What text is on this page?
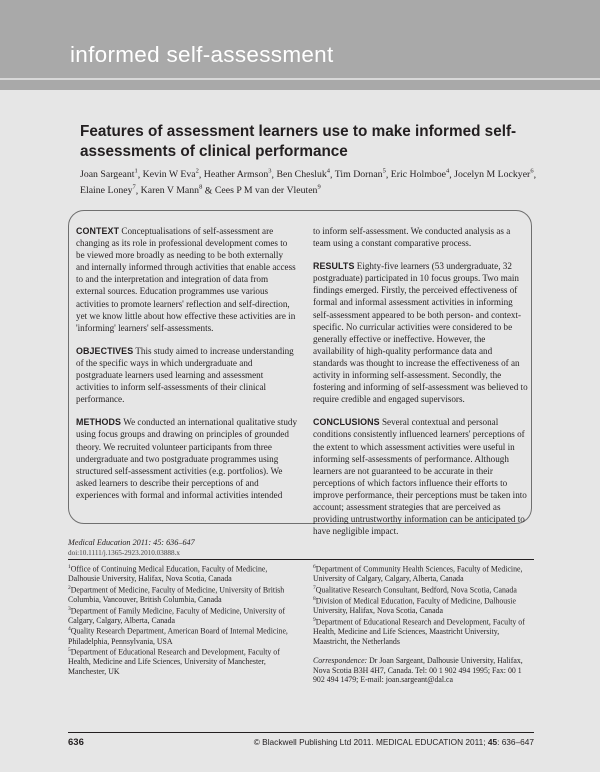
informed self-assessment
Features of assessment learners use to make informed self-assessments of clinical performance
Joan Sargeant$^1$, Kevin W Eva$^2$, Heather Armson$^3$, Ben Chesluk$^4$, Tim Dornan$^5$, Eric Holmboe$^4$, Jocelyn M Lockyer$^6$, Elaine Loney$^7$, Karen V Mann$^8$ & Cees P M van der Vleuten$^9$

CONTEXT Conceptualisations of self-assessment are changing as its role in professional development comes to be viewed more broadly as needing to be both externally and internally informed through activities that enable access to and the interpretation and integration of data from external sources. Education programmes use various activities to promote learners' reflection and self-direction, yet we know little about how effective these activities are in 'informing' learners' self-assessments.

OBJECTIVES This study aimed to increase understanding of the specific ways in which undergraduate and postgraduate learners used learning and assessment activities to inform self-assessments of their clinical performance.

METHODS We conducted an international qualitative study using focus groups and drawing on principles of grounded theory. We recruited volunteer participants from three undergraduate and two postgraduate programmes using structured self-assessment activities (e.g. portfolios). We asked learners to describe their perceptions of and experiences with formal and informal activities intended

to inform self-assessment. We conducted analysis as a team using a constant comparative process.

RESULTS Eighty-five learners (53 undergraduate, 32 postgraduate) participated in 10 focus groups. Two main findings emerged. Firstly, the perceived effectiveness of formal and informal assessment activities in informing self-assessment appeared to be both person- and context-specific. No curricular activities were considered to be generally effective or ineffective. However, the availability of high-quality performance data and standards was thought to increase the effectiveness of an activity in informing self-assessment. Secondly, the fostering and informing of self-assessment was believed to require credible and engaged supervisors.

CONCLUSIONS Several contextual and personal conditions consistently influenced learners' perceptions of the extent to which assessment activities were useful in informing self-assessments of performance. Although learners are not guaranteed to be accurate in their perceptions of which factors influence their efforts to improve performance, their perceptions must be taken into account; assessment strategies that are perceived as providing untrustworthy information can be anticipated to have negligible impact.

Medical Education 2011: 45: 636–647
doi:10.1111/j.1365-2923.2010.03888.x
$^1$Office of Continuing Medical Education, Faculty of Medicine, Dalhousie University, Halifax, Nova Scotia, Canada
$^2$Department of Medicine, Faculty of Medicine, University of British Columbia, Vancouver, British Columbia, Canada
$^3$Department of Family Medicine, Faculty of Medicine, University of Calgary, Calgary, Alberta, Canada
$^4$Quality Research Department, American Board of Internal Medicine, Philadelphia, Pennsylvania, USA
$^5$Department of Educational Research and Development, Faculty of Health, Medicine and Life Sciences, University of Manchester, Manchester, UK
$^6$Department of Community Health Sciences, Faculty of Medicine, University of Calgary, Calgary, Alberta, Canada
$^7$Qualitative Research Consultant, Bedford, Nova Scotia, Canada
$^8$Division of Medical Education, Faculty of Medicine, Dalhousie University, Halifax, Nova Scotia, Canada
$^9$Department of Educational Research and Development, Faculty of Health, Medicine and Life Sciences, Maastricht University, Maastricht, the Netherlands
Correspondence: Dr Joan Sargeant, Dalhousie University, Halifax, Nova Scotia B3H 4H7, Canada. Tel: 00 1 902 494 1995; Fax: 00 1 902 494 1479; E-mail: joan.sargeant@dal.ca
636	© Blackwell Publishing Ltd 2011. MEDICAL EDUCATION 2011; 45: 636–647
